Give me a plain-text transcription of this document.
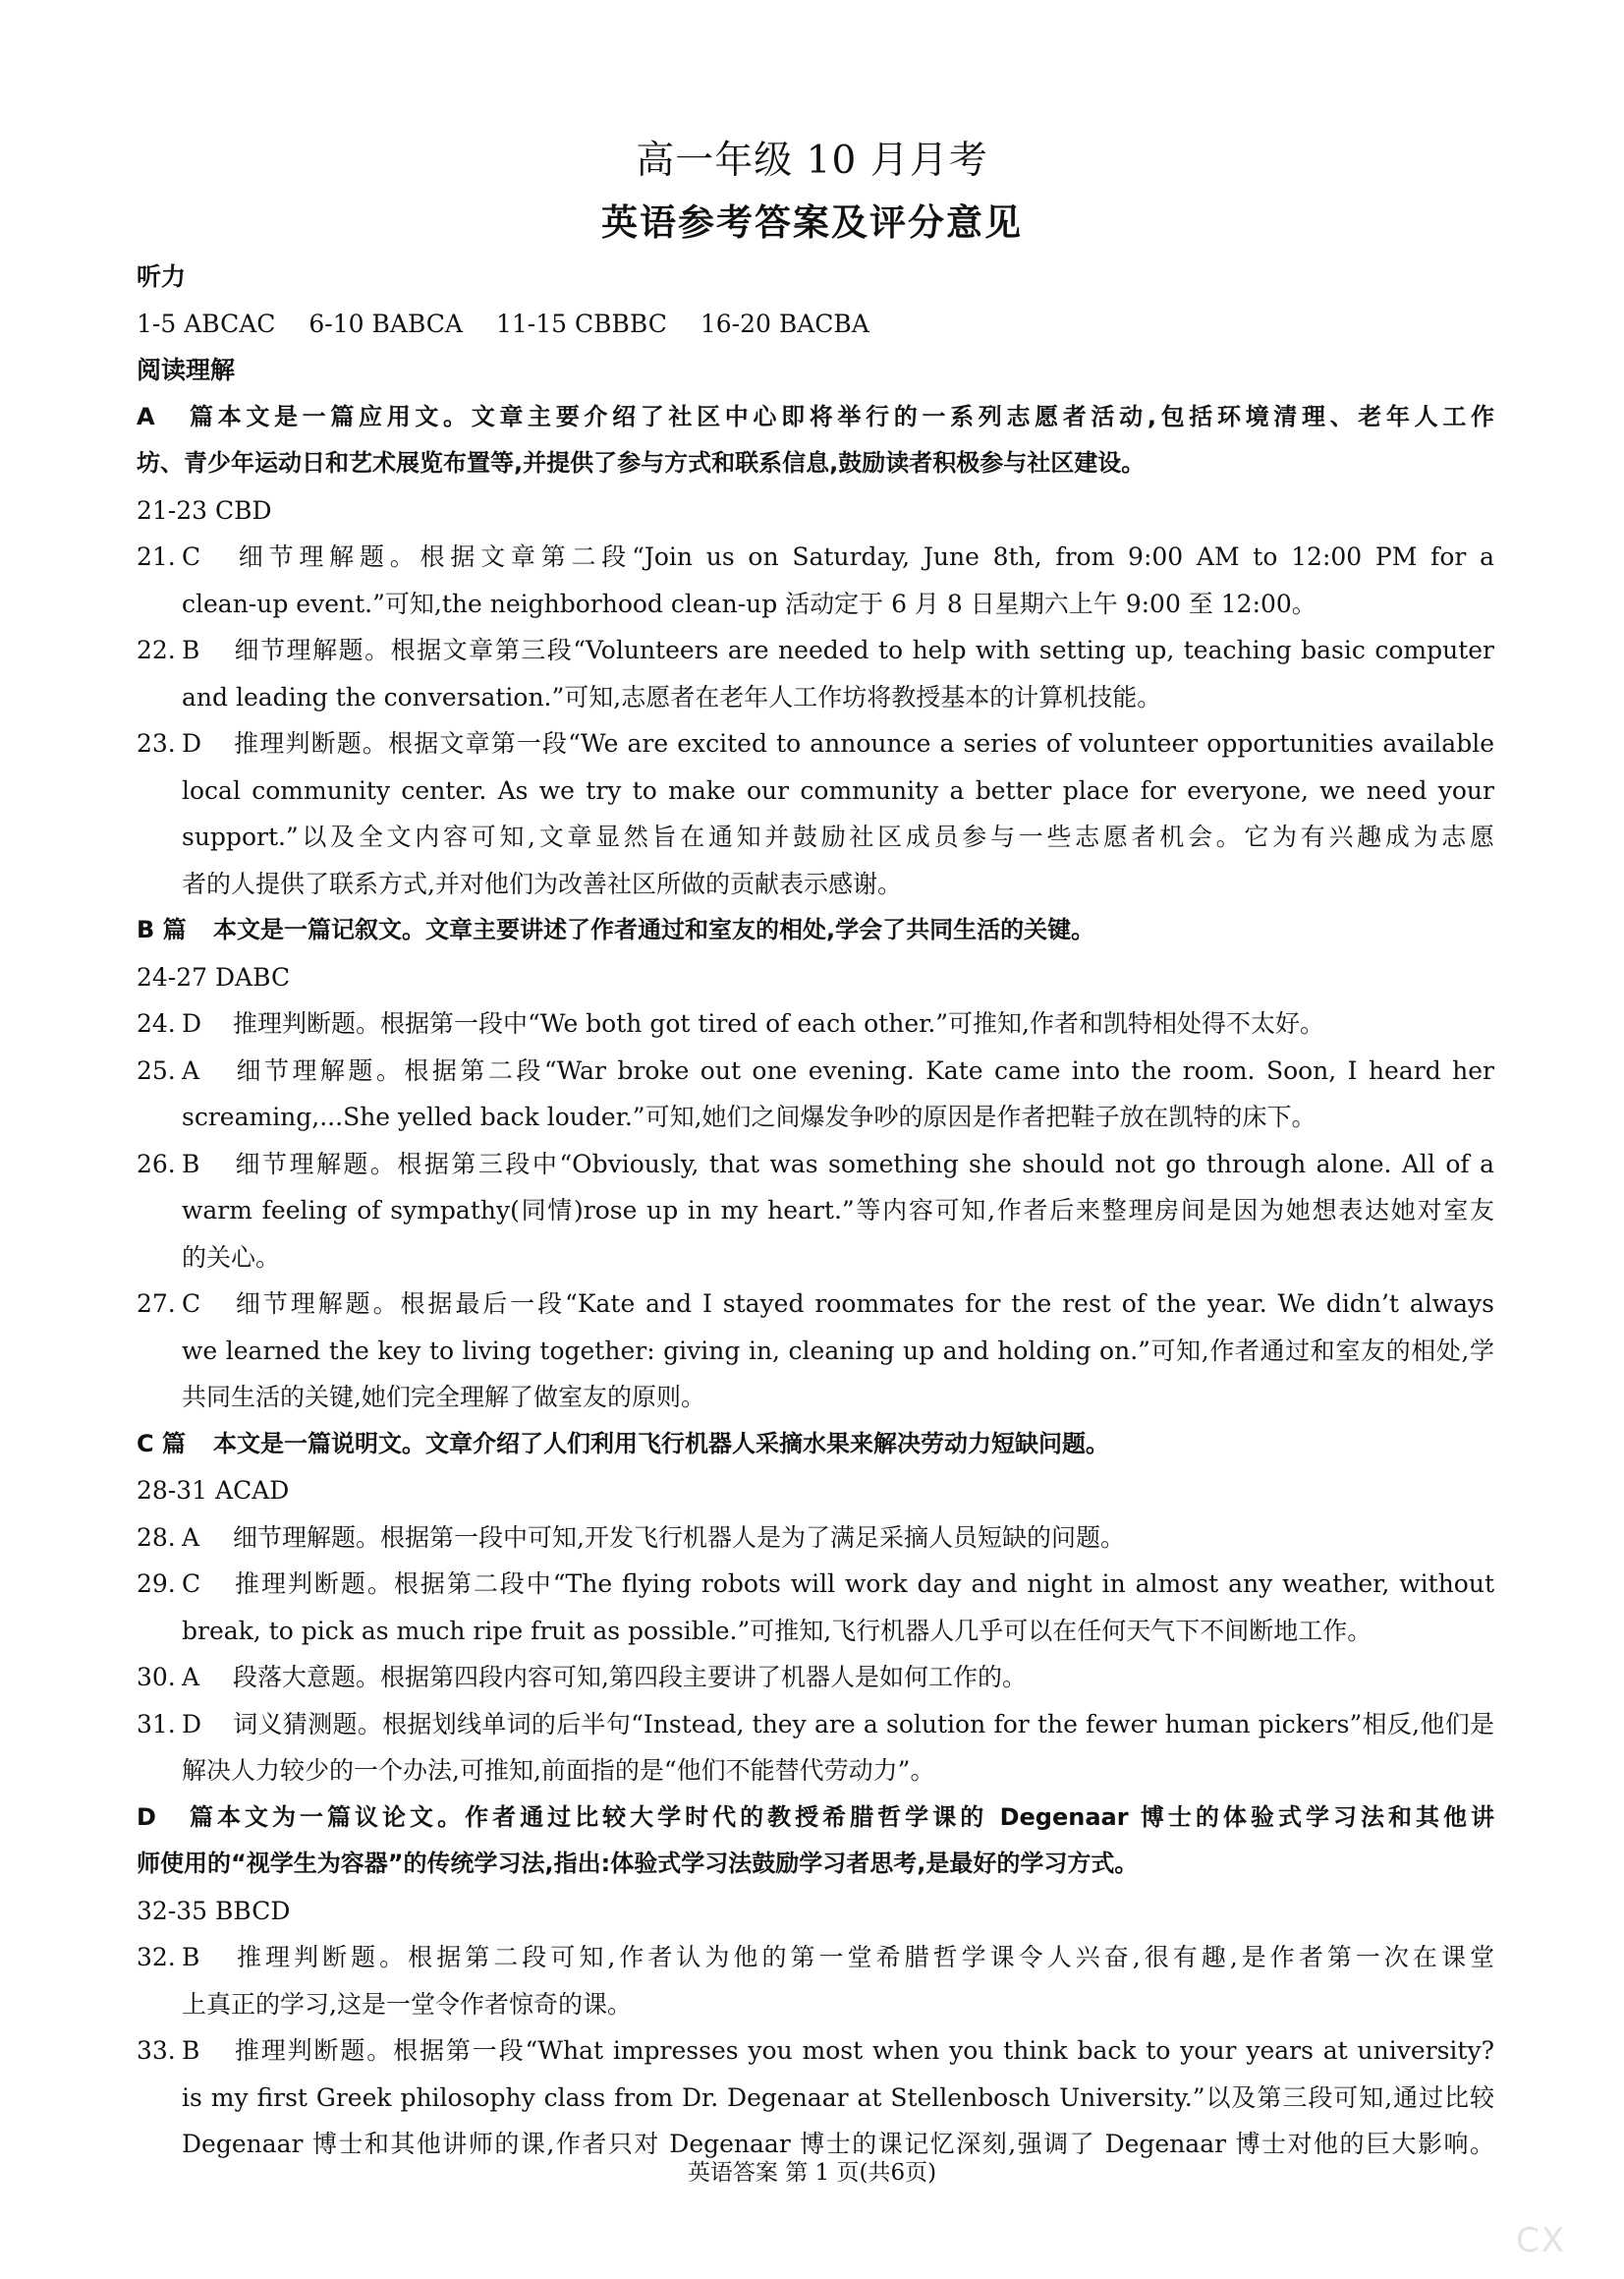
高一年级 10 月月考
英语参考答案及评分意见
听力
1-5 ABCAC 6-10 BABCA 11-15 CBBBC 16-20 BACBA
阅读理解
A 篇本文是一篇应用文。文章主要介绍了社区中心即将举行的一系列志愿者活动,包括环境清理、老年人工作
坊、青少年运动日和艺术展览布置等,并提供了参与方式和联系信息,鼓励读者积极参与社区建设。
21-23 CBD
21. C 细节理解题。根据文章第二段“Join us on Saturday, June 8th, from 9:00 AM to 12:00 PM for a
clean-up event.”可知,the neighborhood clean-up 活动定于 6 月 8 日星期六上午 9:00 至 12:00。
22. B 细节理解题。根据文章第三段“Volunteers are needed to help with setting up, teaching basic computer
and leading the conversation.”可知,志愿者在老年人工作坊将教授基本的计算机技能。
23. D 推理判断题。根据文章第一段“We are excited to announce a series of volunteer opportunities available
local community center. As we try to make our community a better place for everyone, we need your
support.”以及全文内容可知,文章显然旨在通知并鼓励社区成员参与一些志愿者机会。它为有兴趣成为志愿
者的人提供了联系方式,并对他们为改善社区所做的贡献表示感谢。
B 篇 本文是一篇记叙文。文章主要讲述了作者通过和室友的相处,学会了共同生活的关键。
24-27 DABC
24. D 推理判断题。根据第一段中“We both got tired of each other.”可推知,作者和凯特相处得不太好。
25. A 细节理解题。根据第二段“War broke out one evening. Kate came into the room. Soon, I heard her
screaming,...She yelled back louder.”可知,她们之间爆发争吵的原因是作者把鞋子放在凯特的床下。
26. B 细节理解题。根据第三段中“Obviously, that was something she should not go through alone. All of a
warm feeling of sympathy(同情)rose up in my heart.”等内容可知,作者后来整理房间是因为她想表达她对室友
的关心。
27. C 细节理解题。根据最后一段“Kate and I stayed roommates for the rest of the year. We didn’t always
we learned the key to living together: giving in, cleaning up and holding on.”可知,作者通过和室友的相处,学
共同生活的关键,她们完全理解了做室友的原则。
C 篇 本文是一篇说明文。文章介绍了人们利用飞行机器人采摘水果来解决劳动力短缺问题。
28-31 ACAD
28. A 细节理解题。根据第一段中可知,开发飞行机器人是为了满足采摘人员短缺的问题。
29. C 推理判断题。根据第二段中“The flying robots will work day and night in almost any weather, without
break, to pick as much ripe fruit as possible.”可推知,飞行机器人几乎可以在任何天气下不间断地工作。
30. A 段落大意题。根据第四段内容可知,第四段主要讲了机器人是如何工作的。
31. D 词义猜测题。根据划线单词的后半句“Instead, they are a solution for the fewer human pickers”相反,他们是
解决人力较少的一个办法,可推知,前面指的是“他们不能替代劳动力”。
D 篇本文为一篇议论文。作者通过比较大学时代的教授希腊哲学课的 Degenaar 博士的体验式学习法和其他讲
师使用的“视学生为容器”的传统学习法,指出:体验式学习法鼓励学习者思考,是最好的学习方式。
32-35 BBCD
32. B 推理判断题。根据第二段可知,作者认为他的第一堂希腊哲学课令人兴奋,很有趣,是作者第一次在课堂
上真正的学习,这是一堂令作者惊奇的课。
33. B 推理判断题。根据第一段“What impresses you most when you think back to your years at university?
is my first Greek philosophy class from Dr. Degenaar at Stellenbosch University.”以及第三段可知,通过比较
Degenaar 博士和其他讲师的课,作者只对 Degenaar 博士的课记忆深刻,强调了 Degenaar 博士对他的巨大影响。
英语答案 第 1 页(共6页)
CX
